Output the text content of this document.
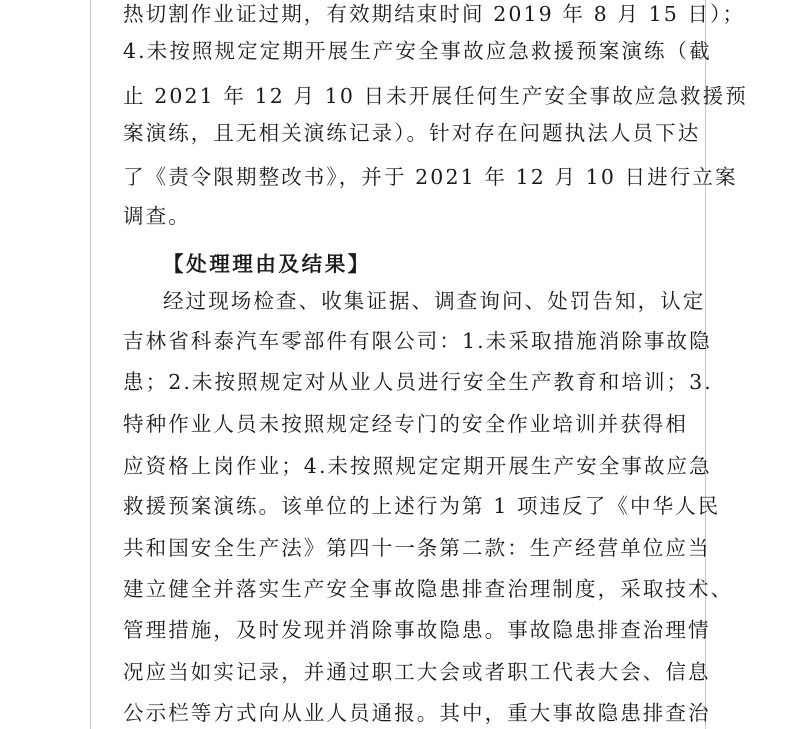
热切割作业证过期，有效期结束时间 2019 年 8 月 15 日）；

4.未按照规定定期开展生产安全事故应急救援预案演练（截

止 2021 年 12 月 10 日未开展任何生产安全事故应急救援预

案演练，且无相关演练记录）。针对存在问题执法人员下达

了《责令限期整改书》，并于 2021 年 12 月 10 日进行立案

调查。

【处理理由及结果】

经过现场检查、收集证据、调查询问、处罚告知，认定

吉林省科泰汽车零部件有限公司：1.未采取措施消除事故隐

患；2.未按照规定对从业人员进行安全生产教育和培训；3.

特种作业人员未按照规定经专门的安全作业培训并获得相

应资格上岗作业；4.未按照规定定期开展生产安全事故应急

救援预案演练。该单位的上述行为第 1 项违反了《中华人民

共和国安全生产法》第四十一条第二款：生产经营单位应当

建立健全并落实生产安全事故隐患排查治理制度，采取技术、

管理措施，及时发现并消除事故隐患。事故隐患排查治理情

况应当如实记录，并通过职工大会或者职工代表大会、信息

公示栏等方式向从业人员通报。其中，重大事故隐患排查治
